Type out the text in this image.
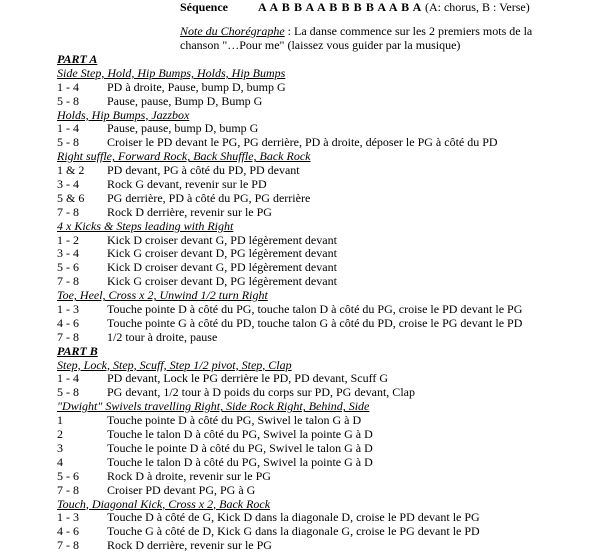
Séquence	A A B B A A B B B B A A B A (A: chorus, B : Verse)
Note du Chorégraphe : La danse commence sur les 2 premiers mots de la chanson "…Pour me" (laissez vous guider par la musique)
PART A
Side Step, Hold, Hip Bumps, Holds, Hip Bumps
1 - 4	PD à droite, Pause, bump D, bump G
5 - 8	Pause, pause, Bump D, Bump G
Holds, Hip Bumps, Jazzbox
1 - 4	Pause, pause, bump D, bump G
5 - 8	Croiser le PD devant le PG, PG derrière, PD à droite, déposer le PG à côté du PD
Right suffle, Forward Rock, Back Shuffle, Back Rock
1 & 2	PD devant, PG à côté du PD, PD devant
3 - 4	Rock G devant, revenir sur le PD
5 & 6	PG derrière, PD à côté du PG, PG derrière
7 - 8	Rock D derrière, revenir sur le PG
4 x Kicks & Steps leading with Right
1 - 2	Kick D croiser devant G, PD légèrement devant
3 - 4	Kick G croiser devant D, PG légèrement devant
5 - 6	Kick D croiser devant G, PD légèrement devant
7 - 8	Kick G croiser devant D, PG légèrement devant
Toe, Heel, Cross x 2, Unwind 1/2 turn Right
1 - 3	Touche pointe D à côté du PG, touche talon D à côté du PG, croise le PD devant le PG
4 - 6	Touche pointe G à côté du PD, touche talon G à côté du PD, croise le PG devant le PD
7 - 8	1/2 tour à droite, pause
PART B
Step, Lock, Step, Scuff, Step 1/2 pivot, Step, Clap
1 - 4	PD devant, Lock le PG derrière le PD, PD devant, Scuff G
5 - 8	PG devant, 1/2 tour à D poids du corps sur PD, PG devant, Clap
"Dwight" Swivels travelling Right, Side Rock Right, Behind, Side
1	Touche pointe D à côté du PG, Swivel le talon G à D
2	Touche le talon D à côté du PG, Swivel la pointe G à D
3	Touche le pointe D à côté du PG, Swivel le talon G à D
4	Touche le talon D à côté du PG, Swivel la pointe G à D
5 - 6	Rock D à droite, revenir sur le PG
7 - 8	Croiser PD devant PG, PG à G
Touch, Diagonal Kick, Cross x 2, Back Rock
1 - 3	Touche D à côté de G, Kick D dans la diagonale D, croise le PD devant le PG
4 - 6	Touche G à côté de D, Kick G dans la diagonale G, croise le PG devant le PD
7 - 8	Rock D derrière, revenir sur le PG
